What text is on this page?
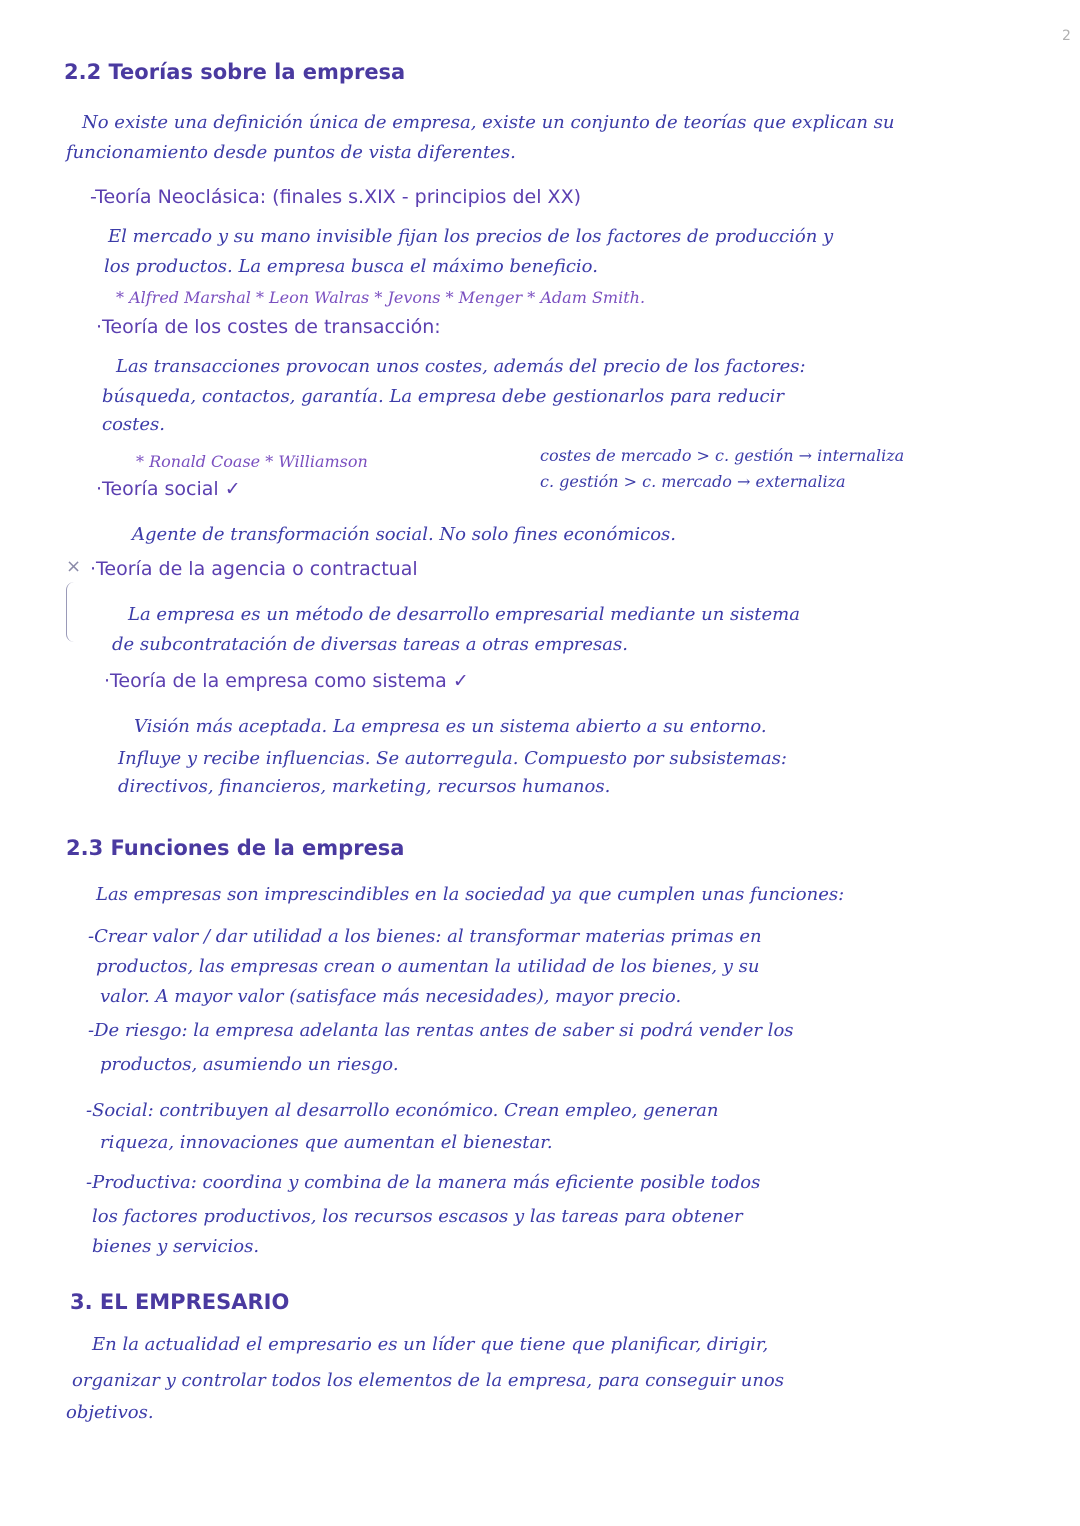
2
2.2 Teorías sobre la empresa
No existe una definición única de empresa, existe un conjunto de teorías que explican su
funcionamiento desde puntos de vista diferentes.
-Teoría Neoclásica: (finales s.XIX - principios del XX)
El mercado y su mano invisible fijan los precios de los factores de producción y
los productos. La empresa busca el máximo beneficio.
* Alfred Marshal * Leon Walras * Jevons * Menger * Adam Smith.
·Teoría de los costes de transacción:
Las transacciones provocan unos costes, además del precio de los factores:
búsqueda, contactos, garantía. La empresa debe gestionarlos para reducir
costes.
* Ronald Coase * Williamson	costes de mercado > c. gestión → internaliza
c. gestión > c. mercado → externaliza
·Teoría social ✓
Agente de transformación social. No solo fines económicos.
× ·Teoría de la agencia o contractual
La empresa es un método de desarrollo empresarial mediante un sistema
de subcontratación de diversas tareas a otras empresas.
·Teoría de la empresa como sistema ✓
Visión más aceptada. La empresa es un sistema abierto a su entorno.
Influye y recibe influencias. Se autorregula. Compuesto por subsistemas:
directivos, financieros, marketing, recursos humanos.
2.3 Funciones de la empresa
Las empresas son imprescindibles en la sociedad ya que cumplen unas funciones:
-Crear valor / dar utilidad a los bienes: al transformar materias primas en
productos, las empresas crean o aumentan la utilidad de los bienes, y su
valor. A mayor valor (satisface más necesidades), mayor precio.
-De riesgo: la empresa adelanta las rentas antes de saber si podrá vender los
productos, asumiendo un riesgo.
-Social: contribuyen al desarrollo económico. Crean empleo, generan
riqueza, innovaciones que aumentan el bienestar.
-Productiva: coordina y combina de la manera más eficiente posible todos
los factores productivos, los recursos escasos y las tareas para obtener
bienes y servicios.
3. EL EMPRESARIO
En la actualidad el empresario es un líder que tiene que planificar, dirigir,
organizar y controlar todos los elementos de la empresa, para conseguir unos
objetivos.
